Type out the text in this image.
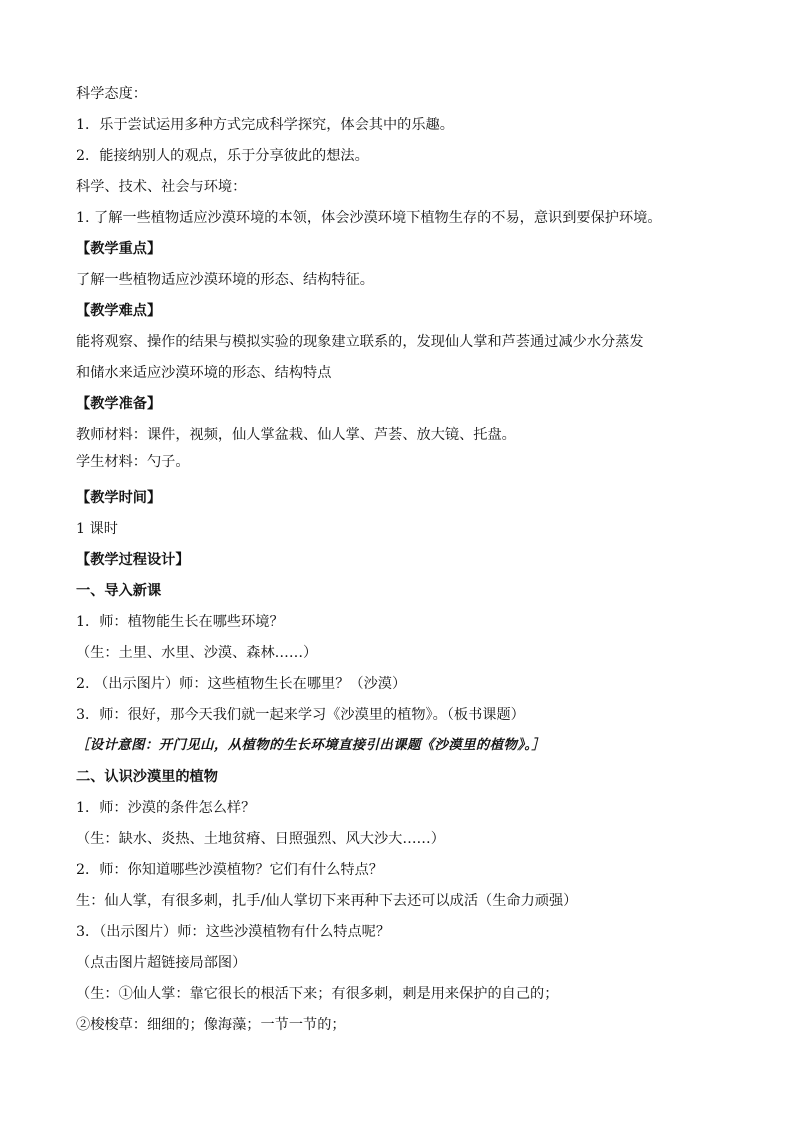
科学态度：
1．乐于尝试运用多种方式完成科学探究，体会其中的乐趣。
2．能接纳别人的观点，乐于分享彼此的想法。
科学、技术、社会与环境：
1. 了解一些植物适应沙漠环境的本领，体会沙漠环境下植物生存的不易，意识到要保护环境。
【教学重点】
了解一些植物适应沙漠环境的形态、结构特征。
【教学难点】
能将观察、操作的结果与模拟实验的现象建立联系的，发现仙人掌和芦荟通过减少水分蒸发
和储水来适应沙漠环境的形态、结构特点
【教学准备】
教师材料：课件，视频，仙人掌盆栽、仙人掌、芦荟、放大镜、托盘。
学生材料：勺子。
【教学时间】
1 课时
【教学过程设计】
一、导入新课
1．师：植物能生长在哪些环境？
（生：土里、水里、沙漠、森林……）
2. （出示图片）师：这些植物生长在哪里？（沙漠）
3．师：很好，那今天我们就一起来学习《沙漠里的植物》。（板书课题）
［设计意图：开门见山，从植物的生长环境直接引出课题《沙漠里的植物》。］
二、认识沙漠里的植物
1．师：沙漠的条件怎么样？
（生：缺水、炎热、土地贫瘠、日照强烈、风大沙大……）
2．师：你知道哪些沙漠植物？它们有什么特点？
生：仙人掌，有很多刺，扎手/仙人掌切下来再种下去还可以成活（生命力顽强）
3．（出示图片）师：这些沙漠植物有什么特点呢？
（点击图片超链接局部图）
（生：①仙人掌：靠它很长的根活下来；有很多刺，刺是用来保护的自己的；
②梭梭草：细细的；像海藻；一节一节的；
